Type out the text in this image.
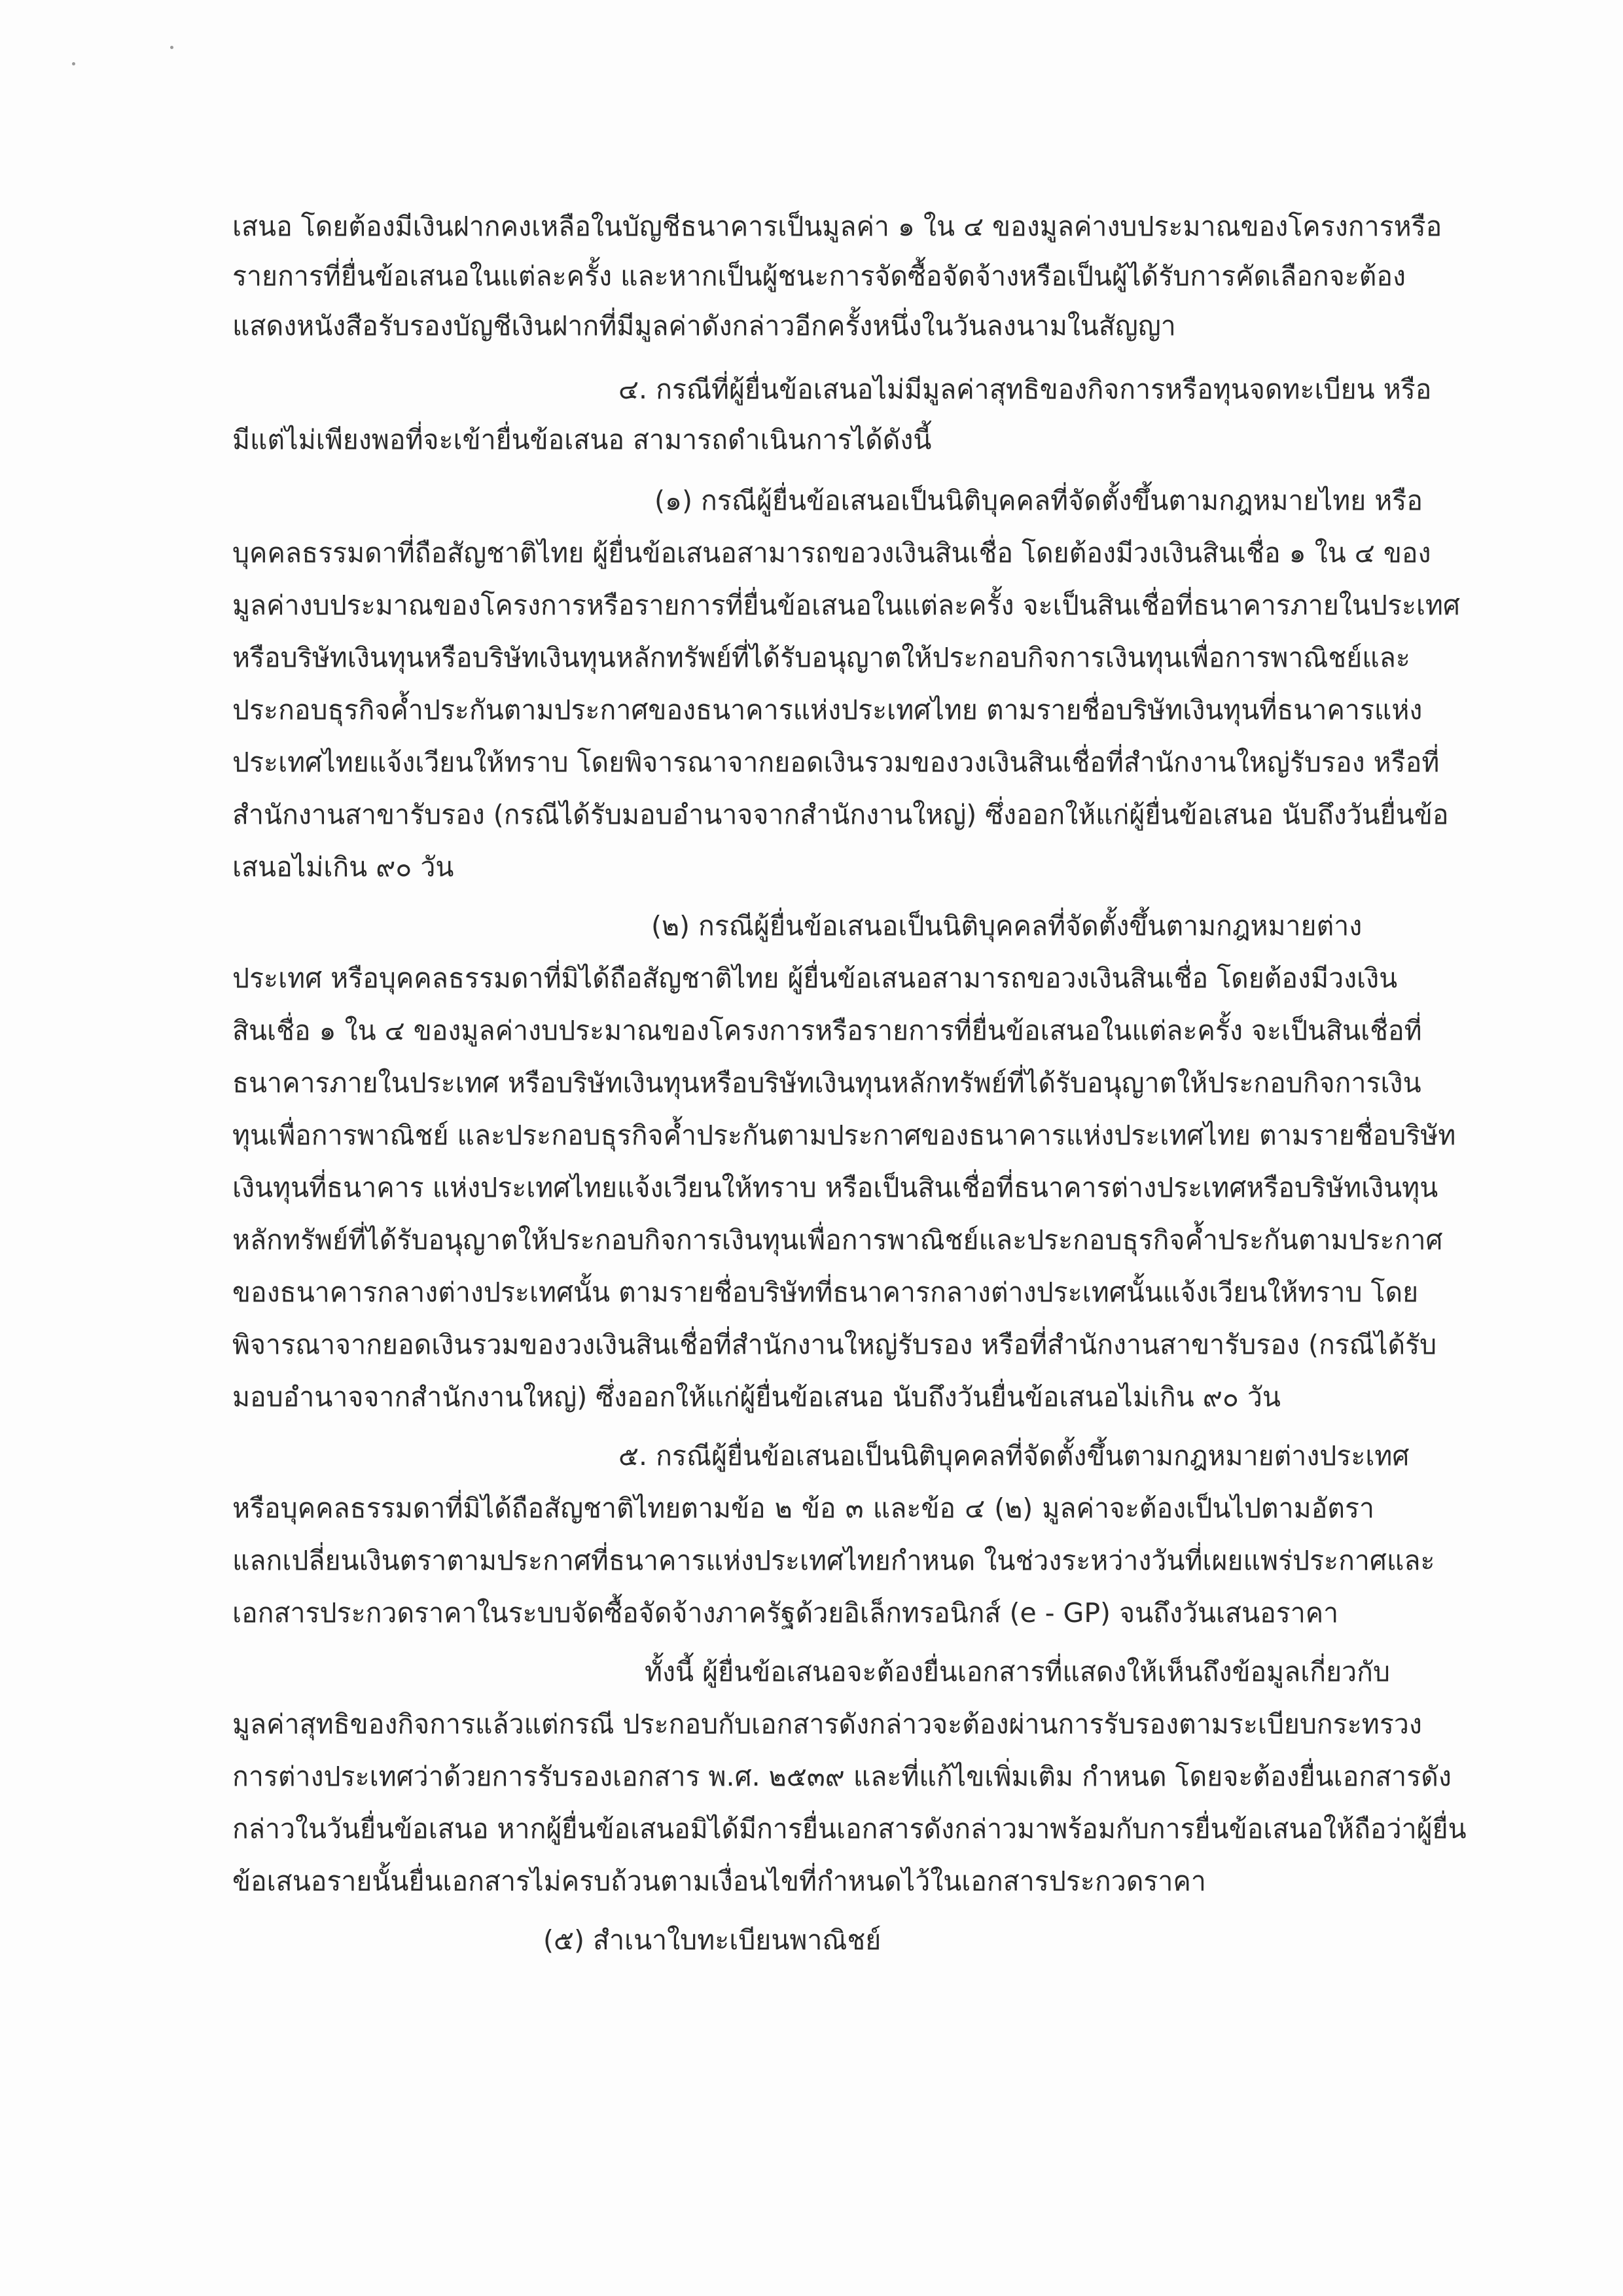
เสนอ โดยต้องมีเงินฝากคงเหลือในบัญชีธนาคารเป็นมูลค่า ๑ ใน ๔ ของมูลค่างบประมาณของโครงการหรือ
รายการที่ยื่นข้อเสนอในแต่ละครั้ง และหากเป็นผู้ชนะการจัดซื้อจัดจ้างหรือเป็นผู้ได้รับการคัดเลือกจะต้อง
แสดงหนังสือรับรองบัญชีเงินฝากที่มีมูลค่าดังกล่าวอีกครั้งหนึ่งในวันลงนามในสัญญา
๔. กรณีที่ผู้ยื่นข้อเสนอไม่มีมูลค่าสุทธิของกิจการหรือทุนจดทะเบียน หรือ
มีแต่ไม่เพียงพอที่จะเข้ายื่นข้อเสนอ สามารถดำเนินการได้ดังนี้
(๑) กรณีผู้ยื่นข้อเสนอเป็นนิติบุคคลที่จัดตั้งขึ้นตามกฎหมายไทย หรือ
บุคคลธรรมดาที่ถือสัญชาติไทย ผู้ยื่นข้อเสนอสามารถขอวงเงินสินเชื่อ โดยต้องมีวงเงินสินเชื่อ ๑ ใน ๔ ของ
มูลค่างบประมาณของโครงการหรือรายการที่ยื่นข้อเสนอในแต่ละครั้ง จะเป็นสินเชื่อที่ธนาคารภายในประเทศ
หรือบริษัทเงินทุนหรือบริษัทเงินทุนหลักทรัพย์ที่ได้รับอนุญาตให้ประกอบกิจการเงินทุนเพื่อการพาณิชย์และ
ประกอบธุรกิจค้ำประกันตามประกาศของธนาคารแห่งประเทศไทย ตามรายชื่อบริษัทเงินทุนที่ธนาคารแห่ง
ประเทศไทยแจ้งเวียนให้ทราบ โดยพิจารณาจากยอดเงินรวมของวงเงินสินเชื่อที่สำนักงานใหญ่รับรอง หรือที่
สำนักงานสาขารับรอง (กรณีได้รับมอบอำนาจจากสำนักงานใหญ่) ซึ่งออกให้แก่ผู้ยื่นข้อเสนอ นับถึงวันยื่นข้อ
เสนอไม่เกิน ๙๐ วัน
(๒) กรณีผู้ยื่นข้อเสนอเป็นนิติบุคคลที่จัดตั้งขึ้นตามกฎหมายต่าง
ประเทศ หรือบุคคลธรรมดาที่มิได้ถือสัญชาติไทย ผู้ยื่นข้อเสนอสามารถขอวงเงินสินเชื่อ โดยต้องมีวงเงิน
สินเชื่อ ๑ ใน ๔ ของมูลค่างบประมาณของโครงการหรือรายการที่ยื่นข้อเสนอในแต่ละครั้ง จะเป็นสินเชื่อที่
ธนาคารภายในประเทศ หรือบริษัทเงินทุนหรือบริษัทเงินทุนหลักทรัพย์ที่ได้รับอนุญาตให้ประกอบกิจการเงิน
ทุนเพื่อการพาณิชย์ และประกอบธุรกิจค้ำประกันตามประกาศของธนาคารแห่งประเทศไทย ตามรายชื่อบริษัท
เงินทุนที่ธนาคาร แห่งประเทศไทยแจ้งเวียนให้ทราบ หรือเป็นสินเชื่อที่ธนาคารต่างประเทศหรือบริษัทเงินทุน
หลักทรัพย์ที่ได้รับอนุญาตให้ประกอบกิจการเงินทุนเพื่อการพาณิชย์และประกอบธุรกิจค้ำประกันตามประกาศ
ของธนาคารกลางต่างประเทศนั้น ตามรายชื่อบริษัทที่ธนาคารกลางต่างประเทศนั้นแจ้งเวียนให้ทราบ โดย
พิจารณาจากยอดเงินรวมของวงเงินสินเชื่อที่สำนักงานใหญ่รับรอง หรือที่สำนักงานสาขารับรอง (กรณีได้รับ
มอบอำนาจจากสำนักงานใหญ่) ซึ่งออกให้แก่ผู้ยื่นข้อเสนอ นับถึงวันยื่นข้อเสนอไม่เกิน ๙๐ วัน
๕. กรณีผู้ยื่นข้อเสนอเป็นนิติบุคคลที่จัดตั้งขึ้นตามกฎหมายต่างประเทศ
หรือบุคคลธรรมดาที่มิได้ถือสัญชาติไทยตามข้อ ๒ ข้อ ๓ และข้อ ๔ (๒) มูลค่าจะต้องเป็นไปตามอัตรา
แลกเปลี่ยนเงินตราตามประกาศที่ธนาคารแห่งประเทศไทยกำหนด ในช่วงระหว่างวันที่เผยแพร่ประกาศและ
เอกสารประกวดราคาในระบบจัดซื้อจัดจ้างภาครัฐด้วยอิเล็กทรอนิกส์ (e - GP) จนถึงวันเสนอราคา
ทั้งนี้ ผู้ยื่นข้อเสนอจะต้องยื่นเอกสารที่แสดงให้เห็นถึงข้อมูลเกี่ยวกับ
มูลค่าสุทธิของกิจการแล้วแต่กรณี ประกอบกับเอกสารดังกล่าวจะต้องผ่านการรับรองตามระเบียบกระทรวง
การต่างประเทศว่าด้วยการรับรองเอกสาร พ.ศ. ๒๕๓๙ และที่แก้ไขเพิ่มเติม กำหนด โดยจะต้องยื่นเอกสารดัง
กล่าวในวันยื่นข้อเสนอ หากผู้ยื่นข้อเสนอมิได้มีการยื่นเอกสารดังกล่าวมาพร้อมกับการยื่นข้อเสนอให้ถือว่าผู้ยื่น
ข้อเสนอรายนั้นยื่นเอกสารไม่ครบถ้วนตามเงื่อนไขที่กำหนดไว้ในเอกสารประกวดราคา
(๕) สำเนาใบทะเบียนพาณิชย์
